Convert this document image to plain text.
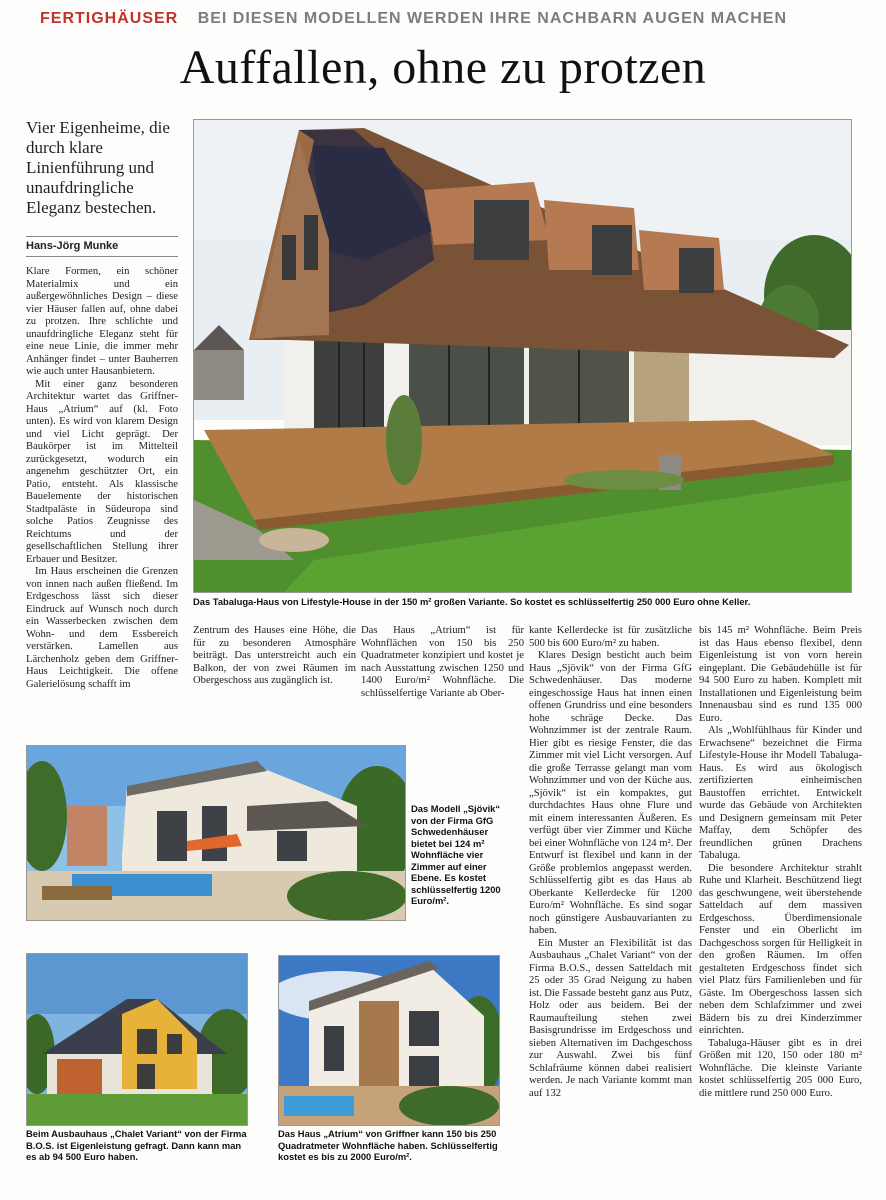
FERTIGHÄUSER BEI DIESEN MODELLEN WERDEN IHRE NACHBARN AUGEN MACHEN
Auffallen, ohne zu protzen
Vier Eigenheime, die durch klare Linienführung und unaufdringliche Eleganz bestechen.
Hans-Jörg Munke
Das Tabaluga-Haus von Lifestyle-House in der 150 m² großen Variante. So kostet es schlüsselfertig 250 000 Euro ohne Keller.

Klare Formen, ein schöner Materialmix und ein außergewöhnliches Design – diese vier Häuser fallen auf, ohne dabei zu protzen. Ihre schlichte und unaufdringliche Eleganz steht für eine neue Linie, die immer mehr Anhänger findet – unter Bauherren wie auch unter Hausanbietern.

Mit einer ganz besonderen Architektur wartet das Griffner-Haus „Atrium“ auf (kl. Foto unten). Es wird von klarem Design und viel Licht geprägt. Der Baukörper ist im Mittelteil zurückgesetzt, wodurch ein angenehm geschützter Ort, ein Patio, entsteht. Als klassische Bauelemente der historischen Stadtpaläste in Südeuropa sind solche Patios Zeugnisse des Reichtums und der gesellschaftlichen Stellung ihrer Erbauer und Besitzer.

Im Haus erscheinen die Grenzen von innen nach außen fließend. Im Erdgeschoss lässt sich dieser Eindruck auf Wunsch noch durch ein Wasserbecken zwischen dem Wohn- und dem Essbereich verstärken. Lamellen aus Lärchenholz geben dem Griffner-Haus Leichtigkeit. Die offene Galerielösung schafft im

Zentrum des Hauses eine Höhe, die für zu besonderen Atmosphäre beiträgt. Das unterstreicht auch ein Balkon, der von zwei Räumen im Obergeschoss aus zugänglich ist.

Das Haus „Atrium“ ist für Wohnflächen von 150 bis 250 Quadratmeter konzipiert und kostet je nach Ausstattung zwischen 1250 und 1400 Euro/m² Wohnfläche. Die schlüsselfertige Variante ab Ober-

kante Kellerdecke ist für zusätzliche 500 bis 600 Euro/m² zu haben.

Klares Design besticht auch beim Haus „Sjövik“ von der Firma GfG Schwedenhäuser. Das moderne eingeschossige Haus hat innen einen offenen Grundriss und eine besonders hohe schräge Decke. Das Wohnzimmer ist der zentrale Raum. Hier gibt es riesige Fenster, die das Zimmer mit viel Licht versorgen. Auf die große Terrasse gelangt man vom Wohnzimmer und von der Küche aus. „Sjövik“ ist ein kompaktes, gut durchdachtes Haus ohne Flure und mit einem interessanten Äußeren. Es verfügt über vier Zimmer und Küche bei einer Wohnfläche von 124 m². Der Entwurf ist flexibel und kann in der Größe problemlos angepasst werden. Schlüsselfertig gibt es das Haus ab Oberkante Kellerdecke für 1200 Euro/m² Wohnfläche. Es sind sogar noch günstigere Ausbauvarianten zu haben.

Ein Muster an Flexibilität ist das Ausbauhaus „Chalet Variant“ von der Firma B.O.S., dessen Satteldach mit 25 oder 35 Grad Neigung zu haben ist. Die Fassade besteht ganz aus Putz, Holz oder aus beidem. Bei der Raumaufteilung stehen zwei Basisgrundrisse im Erdgeschoss und sieben Alternativen im Dachgeschoss zur Auswahl. Zwei bis fünf Schlafräume können dabei realisiert werden. Je nach Variante kommt man auf 132

bis 145 m² Wohnfläche. Beim Preis ist das Haus ebenso flexibel, denn Eigenleistung ist von vorn herein eingeplant. Die Gebäudehülle ist für 94 500 Euro zu haben. Komplett mit Installationen und Eigenleistung beim Innenausbau sind es rund 135 000 Euro.

Als „Wohlfühlhaus für Kinder und Erwachsene“ bezeichnet die Firma Lifestyle-House ihr Modell Tabaluga-Haus. Es wird aus ökologisch zertifizierten einheimischen Baustoffen errichtet. Entwickelt wurde das Gebäude von Architekten und Designern gemeinsam mit Peter Maffay, dem Schöpfer des freundlichen grünen Drachens Tabaluga.

Die besondere Architektur strahlt Ruhe und Klarheit. Beschützend liegt das geschwungene, weit überstehende Satteldach auf dem massiven Erdgeschoss. Überdimensionale Fenster und ein Oberlicht im Dachgeschoss sorgen für Helligkeit in den großen Räumen. Im offen gestalteten Erdgeschoss findet sich viel Platz fürs Familienleben und für Gäste. Im Obergeschoss lassen sich neben dem Schlafzimmer und zwei Bädern bis zu drei Kinderzimmer einrichten.

Tabaluga-Häuser gibt es in drei Größen mit 120, 150 oder 180 m² Wohnfläche. Die kleinste Variante kostet schlüsselfertig 205 000 Euro, die mittlere rund 250 000 Euro.

Das Modell „Sjövik“ von der Firma GfG Schwedenhäuser bietet bei 124 m² Wohnfläche vier Zimmer auf einer Ebene. Es kostet schlüsselfertig 1200 Euro/m².
Beim Ausbauhaus „Chalet Variant“ von der Firma B.O.S. ist Eigenleistung gefragt. Dann kann man es ab 94 500 Euro haben.
Das Haus „Atrium“ von Griffner kann 150 bis 250 Quadratmeter Wohnfläche haben. Schlüsselfertig kostet es bis zu 2000 Euro/m².
